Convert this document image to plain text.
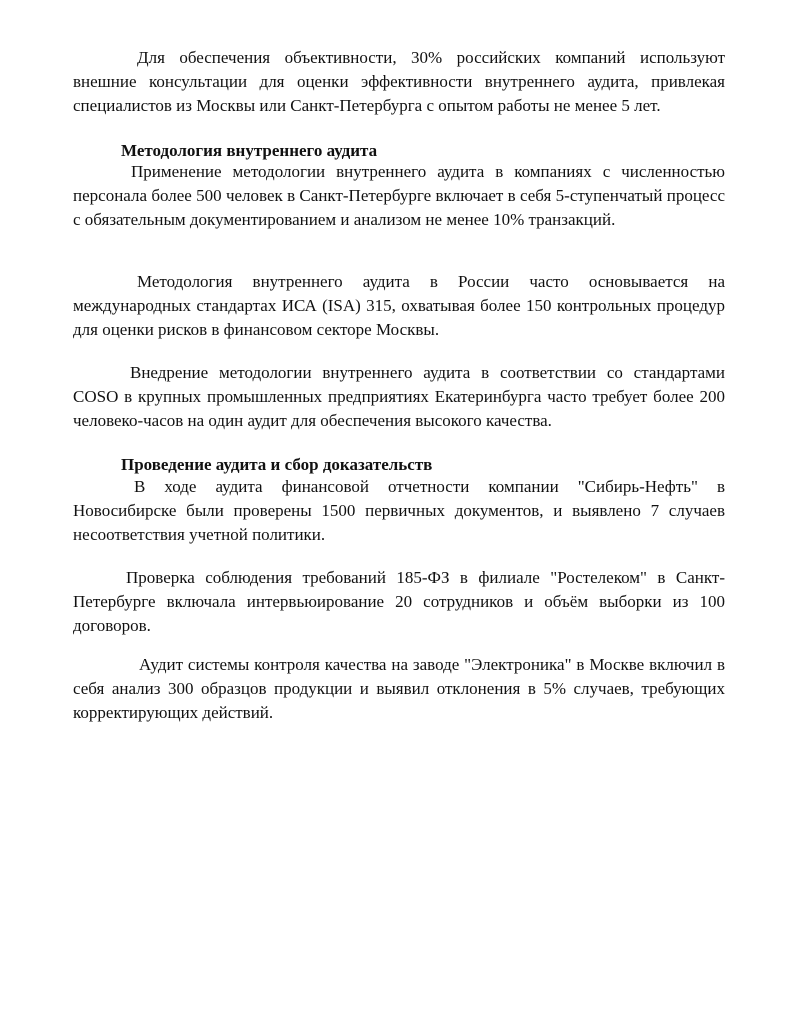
Для обеспечения объективности, 30% российских компаний используют внешние консультации для оценки эффективности внутреннего аудита, привлекая специалистов из Москвы или Санкт-Петербурга с опытом работы не менее 5 лет.

Методология внутреннего аудита

Применение методологии внутреннего аудита в компаниях с численностью персонала более 500 человек в Санкт-Петербурге включает в себя 5-ступенчатый процесс с обязательным документированием и анализом не менее 10% транзакций.

Методология внутреннего аудита в России часто основывается на международных стандартах ИСА (ISA) 315, охватывая более 150 контрольных процедур для оценки рисков в финансовом секторе Москвы.

Внедрение методологии внутреннего аудита в соответствии со стандартами COSO в крупных промышленных предприятиях Екатеринбурга часто требует более 200 человеко-часов на один аудит для обеспечения высокого качества.

Проведение аудита и сбор доказательств

В ходе аудита финансовой отчетности компании "Сибирь-Нефть" в Новосибирске были проверены 1500 первичных документов, и выявлено 7 случаев несоответствия учетной политики.

Проверка соблюдения требований 185-ФЗ в филиале "Ростелеком" в Санкт-Петербурге включала интервьюирование 20 сотрудников и объём выборки из 100 договоров.

Аудит системы контроля качества на заводе "Электроника" в Москве включил в себя анализ 300 образцов продукции и выявил отклонения в 5% случаев, требующих корректирующих действий.
